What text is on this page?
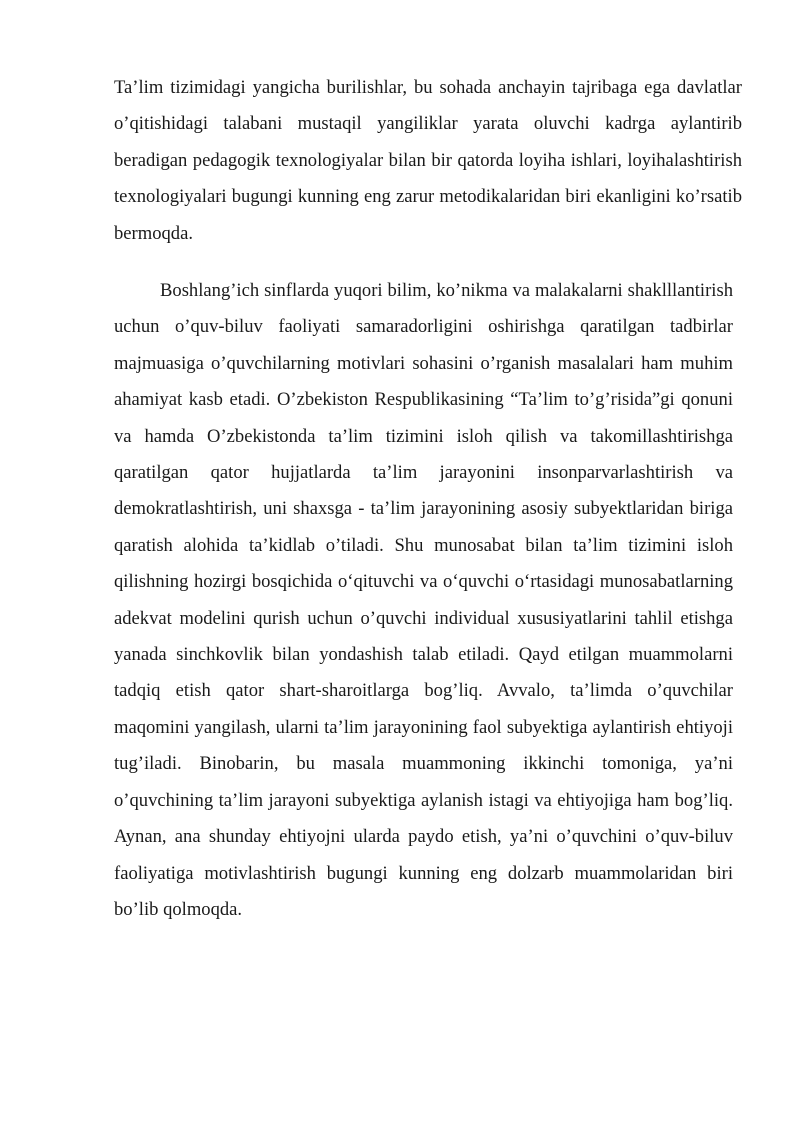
Ta’lim tizimidagi yangicha burilishlar, bu sohada anchayin tajribaga ega davlatlar o’qitishidagi talabani mustaqil yangiliklar yarata oluvchi kadrga aylantirib beradigan pedagogik texnologiyalar bilan bir qatorda loyiha ishlari, loyihalashtirish texnologiyalari bugungi kunning eng zarur metodikalaridan biri ekanligini ko’rsatib bermoqda.

Boshlang’ich sinflarda yuqori bilim, ko’nikma va malakalarni shaklllantirish uchun o’quv-biluv faoliyati samaradorligini oshirishga qaratilgan tadbirlar majmuasiga o’quvchilarning motivlari sohasini o’rganish masalalari ham muhim ahamiyat kasb etadi. O’zbekiston Respublikasining “Ta’lim to’g’risida”gi qonuni va hamda O’zbekistonda ta’lim tizimini isloh qilish va takomillashtirishga qaratilgan qator hujjatlarda ta’lim jarayonini insonparvarlashtirish va demokratlashtirish, uni shaxsga - ta’lim jarayonining asosiy subyektlaridan biriga qaratish alohida ta’kidlab o’tiladi. Shu munosabat bilan ta’lim tizimini isloh qilishning hozirgi bosqichida o‘qituvchi va o‘quvchi o‘rtasidagi munosabatlarning adekvat modelini qurish uchun o’quvchi individual xususiyatlarini tahlil etishga yanada sinchkovlik bilan yondashish talab etiladi. Qayd etilgan muammolarni tadqiq etish qator shart-sharoitlarga bog’liq. Avvalo, ta’limda o’quvchilar maqomini yangilash, ularni ta’lim jarayonining faol subyektiga aylantirish ehtiyoji tug’iladi. Binobarin, bu masala muammoning ikkinchi tomoniga, ya’ni o’quvchining ta’lim jarayoni subyektiga aylanish istagi va ehtiyojiga ham bog’liq. Aynan, ana shunday ehtiyojni ularda paydo etish, ya’ni o’quvchini o’quv-biluv faoliyatiga motivlashtirish bugungi kunning eng dolzarb muammolaridan biri bo’lib qolmoqda.
